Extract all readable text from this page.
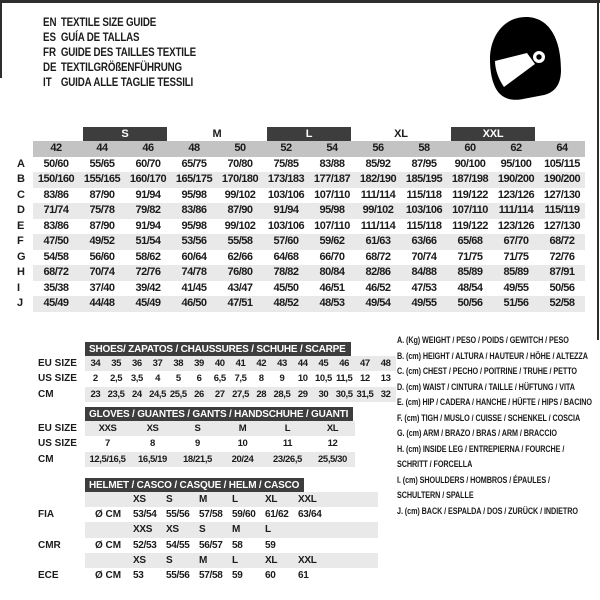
EN TEXTILE SIZE GUIDE
ES GUÍA DE TALLAS
FR GUIDE DES TAILLES TEXTILE
DE TEXTILGRÖßENFÜHRUNG
IT GUIDA ALLE TAGLIE TESSILI
S	M	L	XL	XXL
42	44	46	48	50	52	54	56	58	60	62	64
A	50/60	55/65	60/70	65/75	70/80	75/85	83/88	85/92	87/95	90/100	95/100	105/115
B	150/160 155/165 160/170 165/175 170/180 173/183 177/187 182/190 185/195 187/198 190/200 190/200
C	83/86	87/90	91/94	95/98	99/102	103/106 107/110 111/114	115/118 119/122 123/126 127/130
D	71/74	75/78	79/82	83/86	87/90	91/94	95/98	99/102	103/106 107/110 111/114	115/119
E	83/86	87/90	91/94	95/98	99/102	103/106 107/110 111/114	115/118 119/122 123/126 127/130
F	47/50	49/52	51/54	53/56	55/58	57/60	59/62	61/63	63/66	65/68	67/70	68/72
G	54/58	56/60	58/62	60/64	62/66	64/68	66/70	68/72	70/74	71/75	71/75	72/76
H	68/72	70/74	72/76	74/78	76/80	78/82	80/84	82/86	84/88	85/89	85/89	87/91
I	35/38	37/40	39/42	41/45	43/47	45/50	46/51	46/52	47/53	48/54	49/55	50/56
J	45/49	44/48	45/49	46/50	47/51	48/52	48/53	49/54	49/55	50/56	51/56	52/58
SHOES/ ZAPATOS / CHAUSSURES / SCHUHE / SCARPE
EU SIZE	34	35	36	37	38	39	40	41	42	43	44	45	46	47	48
US SIZE	2	2,5 3,5	4	5	6	6,5 7,5	8	9	10 10,5 11,5 12	13
CM	23 23,5 24 24,5 25,5 26	27 27,5 28 28,5 29	30 30,5 31,5 32
GLOVES / GUANTES / GANTS / HANDSCHUHE / GUANTI
EU SIZE	XXS	XS	S	M	L	XL
US SIZE	7	8	9	10	11	12
CM	12,5/16,5	16,5/19	18/21,5	20/24	23/26,5	25,5/30
HELMET / CASCO / CASQUE / HELM / CASCO
XS	S	M	L	XL	XXL
FIA	Ø CM	53/54 55/56 57/58 59/60 61/62 63/64
XXS	XS	S	M	L
CMR	Ø CM	52/53 54/55 56/57 58	59
XS	S	M	L	XL	XXL
ECE	Ø CM	53	55/56 57/58 59	60	61
A. (Kg) WEIGHT / PESO / POIDS / GEWITCH / PESO
B. (cm) HEIGHT / ALTURA / HAUTEUR / HÖHE / ALTEZZA
C. (cm) CHEST / PECHO / POITRINE / TRUHE / PETTO
D. (cm) WAIST / CINTURA / TAILLE / HÜFTUNG / VITA
E. (cm) HIP / CADERA / HANCHE / HÜFTE / HIPS / BACINO
F. (cm) TIGH / MUSLO / CUISSE / SCHENKEL / COSCIA
G. (cm) ARM / BRAZO / BRAS / ARM / BRACCIO
H. (cm) INSIDE LEG / ENTREPIERNA / FOURCHE / SCHRITT / FORCELLA
I. (cm) SHOULDERS / HOMBROS / ÉPAULES / SCHULTERN / SPALLE
J. (cm) BACK / ESPALDA / DOS / ZURÜCK / INDIETRO
